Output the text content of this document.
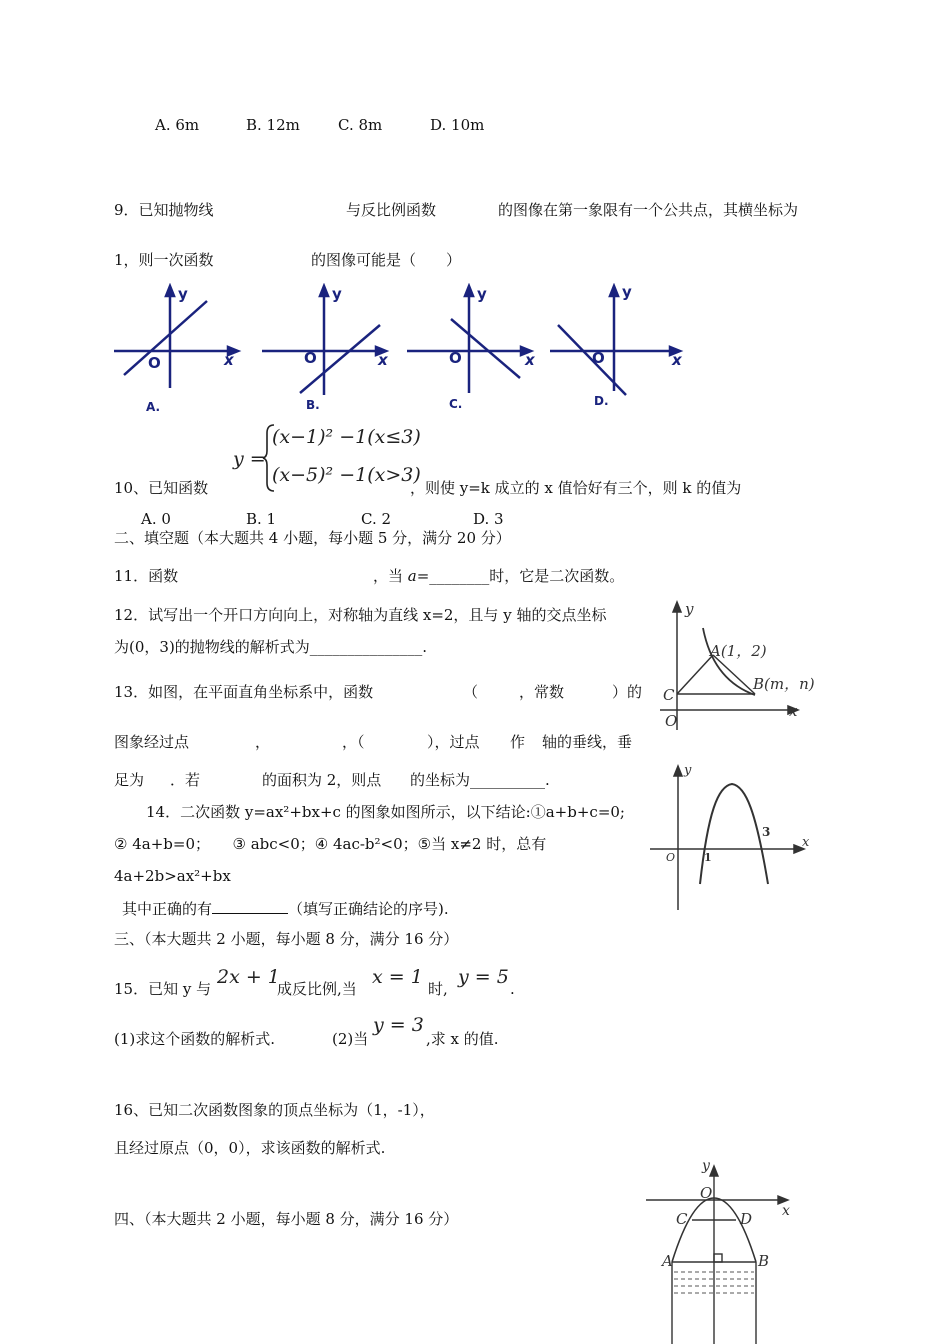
A. 6m	B. 12m	C. 8m	D. 10m
9．已知抛物线	与反比例函数	的图像在第一象限有一个公共点，其横坐标为
1，则一次函数	的图像可能是（　　）
y
x
O
A.
y
x
O
B.
y
x
O
C.
y
x
O
D.
y =
(x−1)² −1(x≤3)
(x−5)² −1(x>3)
10、已知函数	，则使 y=k 成立的 x 值恰好有三个，则 k 的值为
A. 0	B. 1	C. 2	D. 3
二、填空题（本大题共 4 小题，每小题 5 分，满分 20 分）
11．函数	，当 a=________时，它是二次函数。
12．试写出一个开口方向向上，对称轴为直线 x=2，且与 y 轴的交点坐标
为(0，3)的抛物线的解析式为_______________.
y
x
O
C
A(1，2)
B(m，n)
13．如图，在平面直角坐标系中，函数	（	，常数	）的
图象经过点	，	，（	），过点 作 轴的垂线，垂
足为 ．若	的面积为 2，则点 的坐标为__________.
y
x
O	1
3
14．二次函数 y=ax²+bx+c 的图象如图所示，以下结论:①a+b+c=0;
② 4a+b=0；　　③ abc<0；④ 4ac-b²<0；⑤当 x≠2 时，总有
4a+2b>ax²+bx
其中正确的有	（填写正确结论的序号).
三、（本大题共 2 小题，每小题 8 分，满分 16 分）
15．已知 y 与
2x + 1
成反比例,当
x = 1
时,
y = 5
.
(1)求这个函数的解析式.	(2)当
y = 3
,求 x 的值.
16、已知二次函数图象的顶点坐标为（1，-1），
且经过原点（0，0），求该函数的解析式.
四、（本大题共 2 小题，每小题 8 分，满分 16 分）
y
x
O
C	D
A	B
